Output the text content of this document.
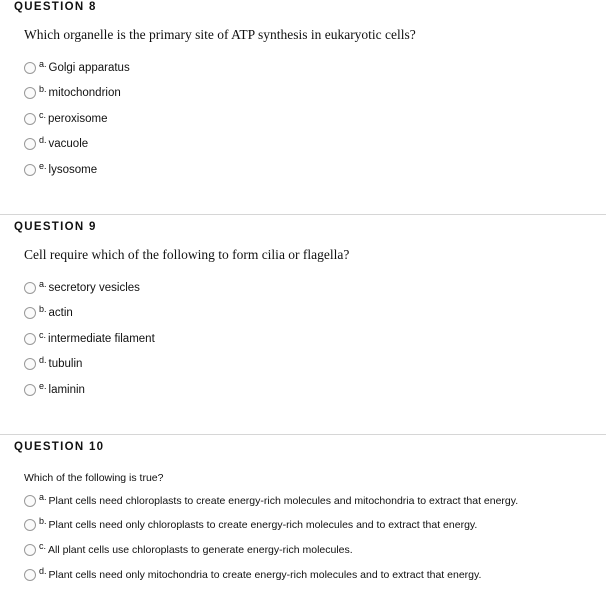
QUESTION 8
Which organelle is the primary site of ATP synthesis in eukaryotic cells?
a. Golgi apparatus
b. mitochondrion
c. peroxisome
d. vacuole
e. lysosome
QUESTION 9
Cell require which of the following to form cilia or flagella?
a. secretory vesicles
b. actin
c. intermediate filament
d. tubulin
e. laminin
QUESTION 10
Which of the following is true?
a. Plant cells need chloroplasts to create energy-rich molecules and mitochondria to extract that energy.
b. Plant cells need only chloroplasts to create energy-rich molecules and to extract that energy.
c. All plant cells use chloroplasts to generate energy-rich molecules.
d. Plant cells need only mitochondria to create energy-rich molecules and to extract that energy.
